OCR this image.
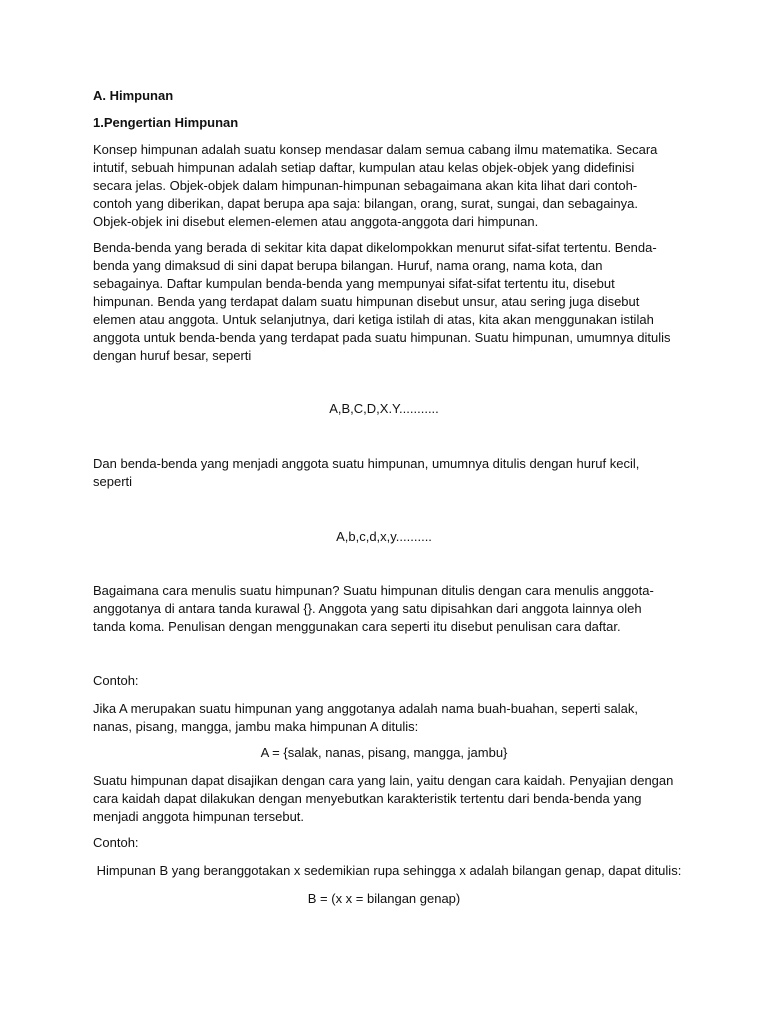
A. Himpunan

1.Pengertian Himpunan

Konsep himpunan adalah suatu konsep mendasar dalam semua cabang ilmu matematika. Secara intutif, sebuah himpunan adalah setiap daftar, kumpulan atau kelas objek-objek yang didefinisi secara jelas. Objek-objek dalam himpunan-himpunan sebagaimana akan kita lihat dari contoh-contoh yang diberikan, dapat berupa apa saja: bilangan, orang, surat, sungai, dan sebagainya. Objek-objek ini disebut elemen-elemen atau anggota-anggota dari himpunan.

Benda-benda yang berada di sekitar kita dapat dikelompokkan menurut sifat-sifat tertentu. Benda-benda yang dimaksud di sini dapat berupa bilangan. Huruf, nama orang, nama kota, dan sebagainya. Daftar kumpulan benda-benda yang mempunyai sifat-sifat tertentu itu, disebut himpunan. Benda yang terdapat dalam suatu himpunan disebut unsur, atau sering juga disebut elemen atau anggota. Untuk selanjutnya, dari ketiga istilah di atas, kita akan menggunakan istilah anggota untuk benda-benda yang terdapat pada suatu himpunan. Suatu himpunan, umumnya ditulis dengan huruf besar, seperti

A,B,C,D,X.Y...........

Dan benda-benda yang menjadi anggota suatu himpunan, umumnya ditulis dengan huruf kecil, seperti

A,b,c,d,x,y..........

Bagaimana cara menulis suatu himpunan? Suatu himpunan ditulis dengan cara menulis anggota-anggotanya di antara tanda kurawal {}. Anggota yang satu dipisahkan dari anggota lainnya oleh tanda koma. Penulisan dengan menggunakan cara seperti itu disebut penulisan cara daftar.

Contoh:

Jika A merupakan suatu himpunan yang anggotanya adalah nama buah-buahan, seperti salak, nanas, pisang, mangga, jambu maka himpunan A ditulis:

A = {salak, nanas, pisang, mangga, jambu}

Suatu himpunan dapat disajikan dengan cara yang lain, yaitu dengan cara kaidah. Penyajian dengan cara kaidah dapat dilakukan dengan menyebutkan karakteristik tertentu dari benda-benda yang menjadi anggota himpunan tersebut.

Contoh:

Himpunan B yang beranggotakan x sedemikian rupa sehingga x adalah bilangan genap, dapat ditulis:

B = (x x = bilangan genap)
